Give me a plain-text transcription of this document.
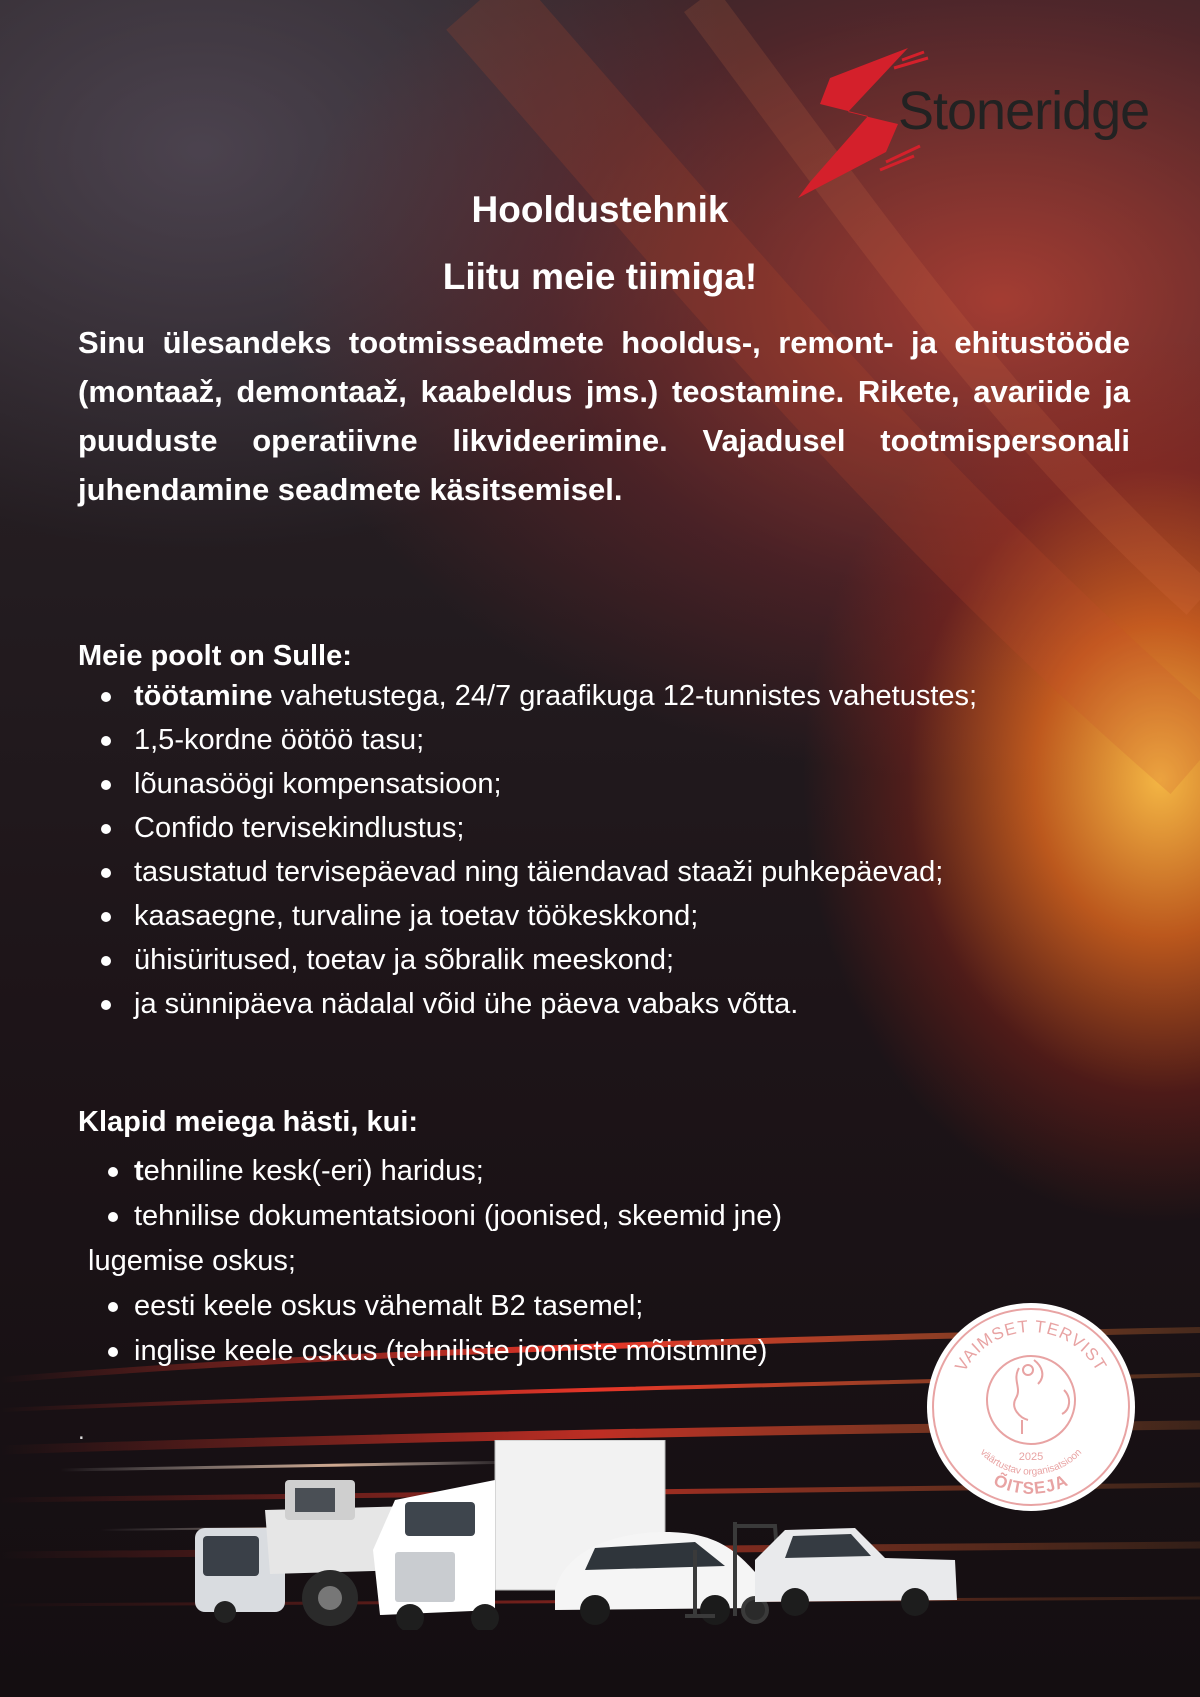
Stoneridge
Hooldustehnik
Liitu meie tiimiga!

Sinu ülesandeks tootmisseadmete hooldus-, remont- ja ehitustööde (montaaž, demontaaž, kaabeldus jms.) teostamine. Rikete, avariide ja puuduste operatiivne likvideerimine. Vajadusel tootmispersonali juhendamine seadmete käsitsemisel.

Meie poolt on Sulle:
töötamine vahetustega, 24/7 graafikuga 12-tunnistes vahetustes;
1,5-kordne öötöö tasu;
lõunasöögi kompensatsioon;
Confido tervisekindlustus;
tasustatud tervisepäevad ning täiendavad staaži puhkepäevad;
kaasaegne, turvaline ja toetav töökeskkond;
ühisüritused, toetav ja sõbralik meeskond;
ja sünnipäeva nädalal võid ühe päeva vabaks võtta.
Klapid meiega hästi, kui:
tehniline kesk(-eri) haridus;
tehnilise dokumentatsiooni (joonised, skeemid jne)
lugemise oskus;
eesti keele oskus vähemalt B2 tasemel;
inglise keele oskus (tehniliste jooniste mõistmine)
.
VAIMSET TERVIST
väärtustav organisatsioon
2025
ÕITSEJA
